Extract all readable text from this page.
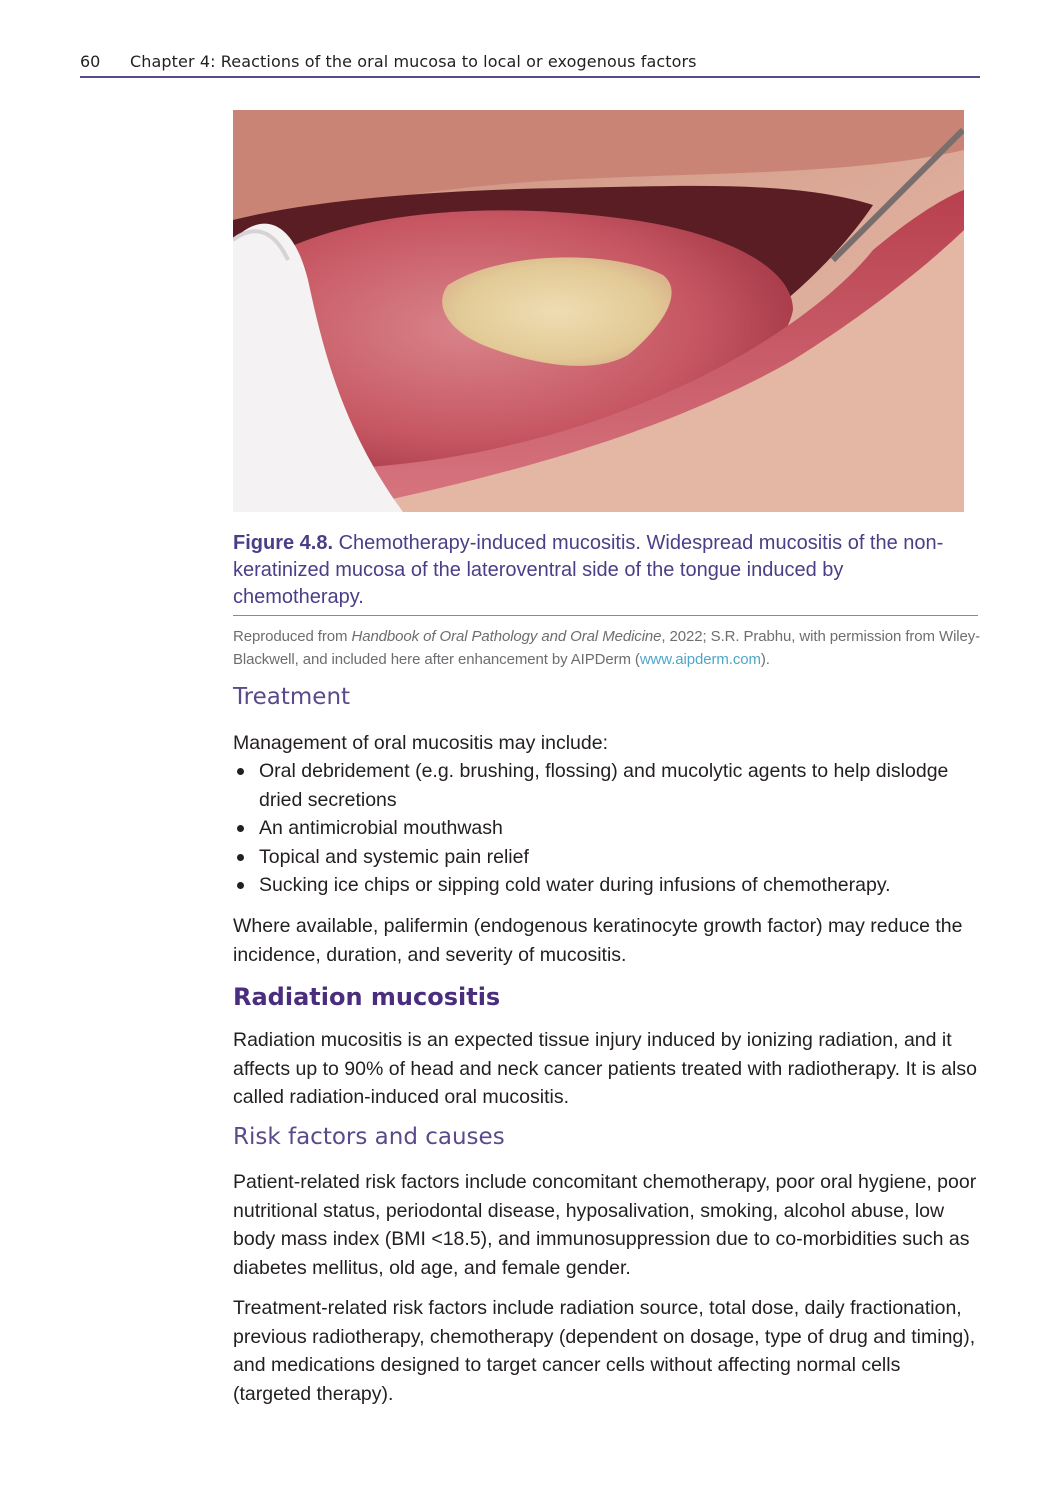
60 Chapter 4: Reactions of the oral mucosa to local or exogenous factors
Figure 4.8. Chemotherapy-induced mucositis. Widespread mucositis of the non-keratinized mucosa of the lateroventral side of the tongue induced by chemotherapy.
Reproduced from Handbook of Oral Pathology and Oral Medicine, 2022; S.R. Prabhu, with permission from Wiley-Blackwell, and included here after enhancement by AIPDerm (www.aipderm.com).
Treatment
Management of oral mucositis may include:
Oral debridement (e.g. brushing, flossing) and mucolytic agents to help dislodge dried secretions
An antimicrobial mouthwash
Topical and systemic pain relief
Sucking ice chips or sipping cold water during infusions of chemotherapy.
Where available, palifermin (endogenous keratinocyte growth factor) may reduce the incidence, duration, and severity of mucositis.
Radiation mucositis
Radiation mucositis is an expected tissue injury induced by ionizing radiation, and it affects up to 90% of head and neck cancer patients treated with radiotherapy. It is also called radiation-induced oral mucositis.
Risk factors and causes
Patient-related risk factors include concomitant chemotherapy, poor oral hygiene, poor nutritional status, periodontal disease, hyposalivation, smoking, alcohol abuse, low body mass index (BMI <18.5), and immunosuppression due to co-morbidities such as diabetes mellitus, old age, and female gender.
Treatment-related risk factors include radiation source, total dose, daily fractionation, previous radiotherapy, chemotherapy (dependent on dosage, type of drug and timing), and medications designed to target cancer cells without affecting normal cells (targeted therapy).
